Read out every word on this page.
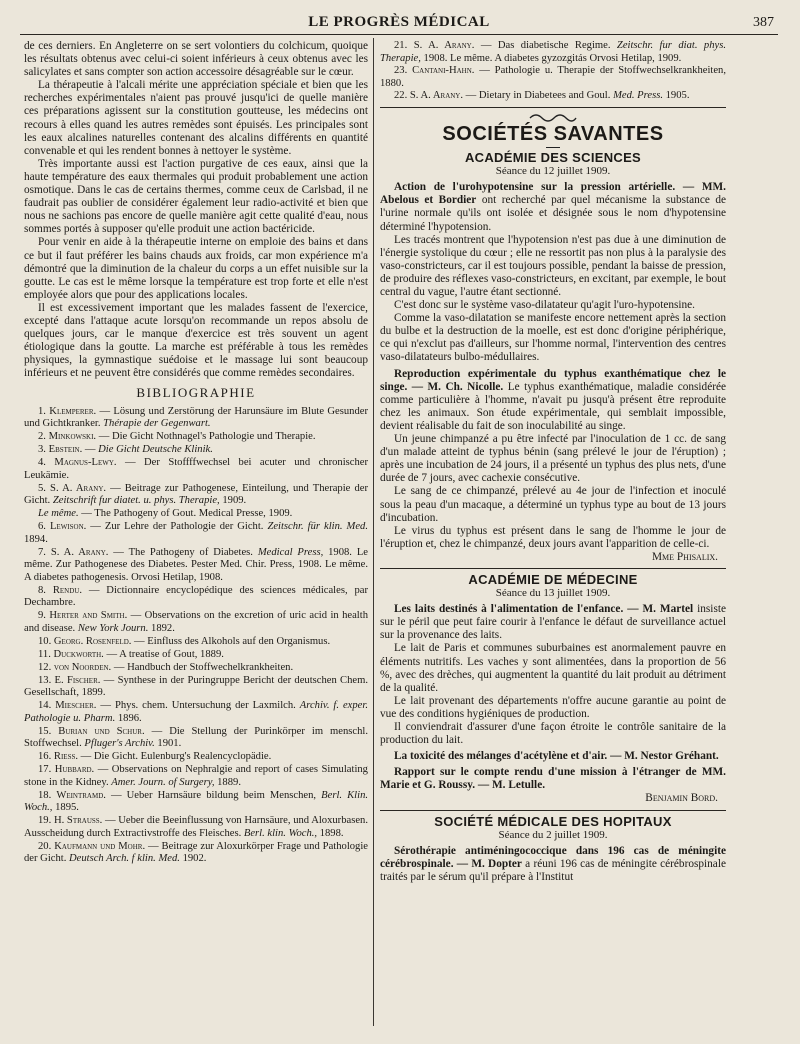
LE PROGRÈS MÉDICAL	387

de ces derniers. En Angleterre on se sert volontiers du colchicum, quoique les résultats obtenus avec celui-ci soient inférieurs à ceux obtenus avec les salicylates et sans compter son action accessoire désagréable sur le cœur.

La thérapeutie à l'alcali mérite une appréciation spéciale et bien que les recherches expérimentales n'aient pas prouvé jusqu'ici de quelle manière ces préparations agissent sur la constitution goutteuse, les médecins ont recours à elles quand les autres remèdes sont épuisés. Les principales sont les eaux alcalines naturelles contenant des alcalins différents en quantité convenable et qui les rendent bonnes à nettoyer le système.

Très importante aussi est l'action purgative de ces eaux, ainsi que la haute température des eaux thermales qui produit probablement une action osmotique. Dans le cas de certains thermes, comme ceux de Carlsbad, il ne faudrait pas oublier de considérer également leur radio-activité et bien que nous ne sachions pas encore de quelle manière agit cette qualité d'eau, nous sommes portés à supposer qu'elle produit une action bactéricide.

Pour venir en aide à la thérapeutie interne on emploie des bains et dans ce but il faut préférer les bains chauds aux froids, car mon expérience m'a démontré que la diminution de la chaleur du corps a un effet nuisible sur la goutte. Le cas est le même lorsque la température est trop forte et elle n'est employée alors que pour des applications locales.

Il est excessivement important que les malades fassent de l'exercice, excepté dans l'attaque acute lorsqu'on recommande un repos absolu de quelques jours, car le manque d'exercice est très souvent un agent étiologique dans la goutte. La marche est préférable à tous les remèdes physiques, la gymnastique suédoise et le massage lui sont beaucoup inférieurs et ne peuvent être considérés que comme remèdes secondaires.

BIBLIOGRAPHIE
1. Klemperer. — Lösung und Zerstörung der Harunsäure im Blute Gesunder und Gichtkranker. Thérapie der Gegenwart.
2. Minkowski. — Die Gicht Nothnagel's Pathologie und Therapie.
3. Ebstein. — Die Gicht Deutsche Klinik.
4. Magnus-Lewy. — Der Stoffffwechsel bei acuter und chronischer Leukämie.
5. S. A. Arany. — Beitrage zur Pathogenese, Einteilung, und Therapie der Gicht. Zeitschrift fur diatet. u. phys. Therapie, 1909.
Le même. — The Pathogeny of Gout. Medical Presse, 1909.
6. Lewison. — Zur Lehre der Pathologie der Gicht. Zeitschr. für klin. Med. 1894.
7. S. A. Arany. — The Pathogeny of Diabetes. Medical Press, 1908. Le même. Zur Pathogenese des Diabetes. Pester Med. Chir. Press, 1908. Le même. A diabetes pathogenesis. Orvosi Hetilap, 1908.
8. Rendu. — Dictionnaire encyclopédique des sciences médicales, par Dechambre.
9. Herter and Smith. — Observations on the excretion of uric acid in health and disease. New York Journ. 1892.
10. Georg. Rosenfeld. — Einfluss des Alkohols auf den Organismus.
11. Duckworth. — A treatise of Gout, 1889.
12. von Noorden. — Handbuch der Stoffwechelkrankheiten.
13. E. Fischer. — Synthese in der Puringruppe Bericht der deutschen Chem. Gesellschaft, 1899.
14. Miescher. — Phys. chem. Untersuchung der Laxmilch. Archiv. f. exper. Pathologie u. Pharm. 1896.
15. Burian und Schur. — Die Stellung der Purinkörper im menschl. Stoffwechsel. Pfluger's Archiv. 1901.
16. Riess. — Die Gicht. Eulenburg's Realencyclopädie.
17. Hubbard. — Observations on Nephralgie and report of cases Simulating stone in the Kidney. Amer. Journ. of Surgery, 1889.
18. Weintramd. — Ueber Harnsäure bildung beim Menschen, Berl. Klin. Woch., 1895.
19. H. Strauss. — Ueber die Beeinflussung von Harnsäure, und Aloxurbasen. Ausscheidung durch Extractivstroffe des Fleisches. Berl. klin. Woch., 1898.
20. Kaufmann und Mohr. — Beitrage zur Aloxurkörper Frage und Pathologie der Gicht. Deutsch Arch. f klin. Med. 1902.

21. S. A. Arany. — Das diabetische Regime. Zeitschr. fur diat. phys. Therapie, 1908. Le même. A diabetes gyzozgitás Orvosi Hetilap, 1909.

23. Cantani-Hahn. — Pathologie u. Therapie der Stoffwechselkrankheiten, 1880.

22. S. A. Arany. — Dietary in Diabetees and Goul. Med. Press. 1905.

SOCIÉTÉS SAVANTES
ACADÉMIE DES SCIENCES
Séance du 12 juillet 1909.

Action de l'urohypotensine sur la pression artérielle. — MM. Abelous et Bordier ont recherché par quel mécanisme la substance de l'urine normale qu'ils ont isolée et désignée sous le nom d'hypotensine déterminé l'hypotension.

Les tracés montrent que l'hypotension n'est pas due à une diminution de l'énergie systolique du cœur ; elle ne ressortit pas non plus à la paralysie des vaso-constricteurs, car il est toujours possible, pendant la baisse de pression, de produire des réflexes vaso-constricteurs, en excitant, par exemple, le bout central du vague, l'autre étant sectionné.

C'est donc sur le système vaso-dilatateur qu'agit l'uro-hypotensine.

Comme la vaso-dilatation se manifeste encore nettement après la section du bulbe et la destruction de la moelle, est est donc d'origine périphérique, ce qui n'exclut pas d'ailleurs, sur l'homme normal, l'intervention des centres vaso-dilatateurs bulbo-médullaires.

Reproduction expérimentale du typhus exanthématique chez le singe. — M. Ch. Nicolle. Le typhus exanthématique, maladie considérée comme particulière à l'homme, n'avait pu jusqu'à présent être reproduite chez les animaux. Son étude expérimentale, qui semblait impossible, devient réalisable du fait de son inoculabilité au singe.

Un jeune chimpanzé a pu être infecté par l'inoculation de 1 cc. de sang d'un malade atteint de typhus bénin (sang prélevé le jour de l'éruption) ; après une incubation de 24 jours, il a présenté un typhus des plus nets, d'une durée de 7 jours, avec cachexie consécutive.

Le sang de ce chimpanzé, prélevé au 4e jour de l'infection et inoculé sous la peau d'un macaque, a déterminé un typhus type au bout de 13 jours d'incubation.

Le virus du typhus est présent dans le sang de l'homme le jour de l'éruption et, chez le chimpanzé, deux jours avant l'apparition de celle-ci.

Mme Phisalix.
ACADÉMIE DE MÉDECINE
Séance du 13 juillet 1909.

Les laits destinés à l'alimentation de l'enfance. — M. Martel insiste sur le péril que peut faire courir à l'enfance le défaut de surveillance actuel sur la provenance des laits.

Le lait de Paris et communes suburbaines est anormalement pauvre en éléments nutritifs. Les vaches y sont alimentées, dans la proportion de 56 %, avec des drèches, qui augmentent la quantité du lait produit au détriment de la qualité.

Le lait provenant des départements n'offre aucune garantie au point de vue des conditions hygiéniques de production.

Il conviendrait d'assurer d'une façon étroite le contrôle sanitaire de la production du lait.

La toxicité des mélanges d'acétylène et d'air. — M. Nestor Gréhant.

Rapport sur le compte rendu d'une mission à l'étranger de MM. Marie et G. Roussy. — M. Letulle.

Benjamin Bord.
SOCIÉTÉ MÉDICALE DES HOPITAUX
Séance du 2 juillet 1909.

Sérothérapie antiméningococcique dans 196 cas de méningite cérébrospinale. — M. Dopter a réuni 196 cas de méningite cérébrospinale traités par le sérum qu'il prépare à l'Institut
